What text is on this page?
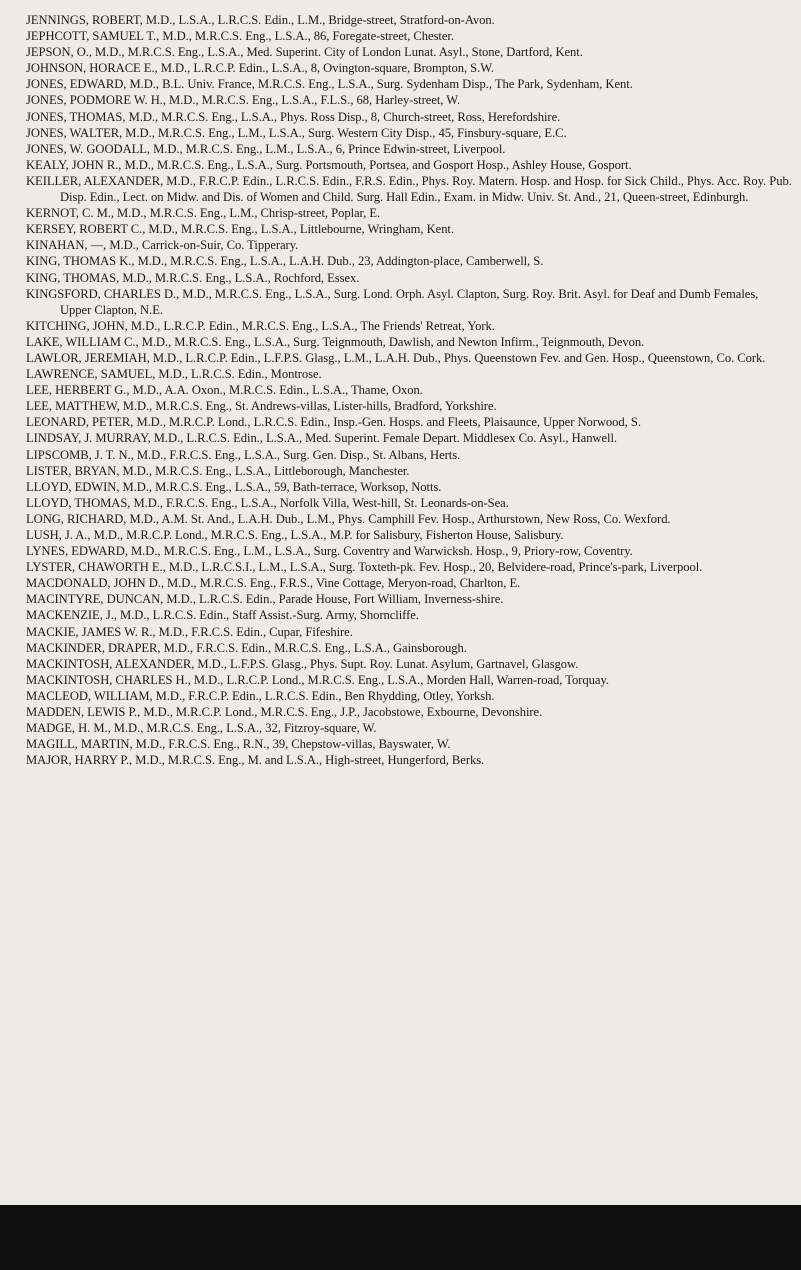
JENNINGS, ROBERT, M.D., L.S.A., L.R.C.S. Edin., L.M., Bridge-street, Stratford-on-Avon.

JEPHCOTT, SAMUEL T., M.D., M.R.C.S. Eng., L.S.A., 86, Foregate-street, Chester.

JEPSON, O., M.D., M.R.C.S. Eng., L.S.A., Med. Superint. City of London Lunat. Asyl., Stone, Dartford, Kent.

JOHNSON, HORACE E., M.D., L.R.C.P. Edin., L.S.A., 8, Ovington-square, Brompton, S.W.

JONES, EDWARD, M.D., B.L. Univ. France, M.R.C.S. Eng., L.S.A., Surg. Sydenham Disp., The Park, Sydenham, Kent.

JONES, PODMORE W. H., M.D., M.R.C.S. Eng., L.S.A., F.L.S., 68, Harley-street, W.

JONES, THOMAS, M.D., M.R.C.S. Eng., L.S.A., Phys. Ross Disp., 8, Church-street, Ross, Herefordshire.

JONES, WALTER, M.D., M.R.C.S. Eng., L.M., L.S.A., Surg. Western City Disp., 45, Finsbury-square, E.C.

JONES, W. GOODALL, M.D., M.R.C.S. Eng., L.M., L.S.A., 6, Prince Edwin-street, Liverpool.

KEALY, JOHN R., M.D., M.R.C.S. Eng., L.S.A., Surg. Portsmouth, Portsea, and Gosport Hosp., Ashley House, Gosport.

KEILLER, ALEXANDER, M.D., F.R.C.P. Edin., L.R.C.S. Edin., F.R.S. Edin., Phys. Roy. Matern. Hosp. and Hosp. for Sick Child., Phys. Acc. Roy. Pub. Disp. Edin., Lect. on Midw. and Dis. of Women and Child. Surg. Hall Edin., Exam. in Midw. Univ. St. And., 21, Queen-street, Edinburgh.

KERNOT, C. M., M.D., M.R.C.S. Eng., L.M., Chrisp-street, Poplar, E.

KERSEY, ROBERT C., M.D., M.R.C.S. Eng., L.S.A., Littlebourne, Wringham, Kent.

KINAHAN, —, M.D., Carrick-on-Suir, Co. Tipperary.

KING, THOMAS K., M.D., M.R.C.S. Eng., L.S.A., L.A.H. Dub., 23, Addington-place, Camberwell, S.

KING, THOMAS, M.D., M.R.C.S. Eng., L.S.A., Rochford, Essex.

KINGSFORD, CHARLES D., M.D., M.R.C.S. Eng., L.S.A., Surg. Lond. Orph. Asyl. Clapton, Surg. Roy. Brit. Asyl. for Deaf and Dumb Females, Upper Clapton, N.E.

KITCHING, JOHN, M.D., L.R.C.P. Edin., M.R.C.S. Eng., L.S.A., The Friends' Retreat, York.

LAKE, WILLIAM C., M.D., M.R.C.S. Eng., L.S.A., Surg. Teignmouth, Dawlish, and Newton Infirm., Teignmouth, Devon.

LAWLOR, JEREMIAH, M.D., L.R.C.P. Edin., L.F.P.S. Glasg., L.M., L.A.H. Dub., Phys. Queenstown Fev. and Gen. Hosp., Queenstown, Co. Cork.

LAWRENCE, SAMUEL, M.D., L.R.C.S. Edin., Montrose.

LEE, HERBERT G., M.D., A.A. Oxon., M.R.C.S. Edin., L.S.A., Thame, Oxon.

LEE, MATTHEW, M.D., M.R.C.S. Eng., St. Andrews-villas, Lister-hills, Bradford, Yorkshire.

LEONARD, PETER, M.D., M.R.C.P. Lond., L.R.C.S. Edin., Insp.-Gen. Hosps. and Fleets, Plaisaunce, Upper Norwood, S.

LINDSAY, J. MURRAY, M.D., L.R.C.S. Edin., L.S.A., Med. Superint. Female Depart. Middlesex Co. Asyl., Hanwell.

LIPSCOMB, J. T. N., M.D., F.R.C.S. Eng., L.S.A., Surg. Gen. Disp., St. Albans, Herts.

LISTER, BRYAN, M.D., M.R.C.S. Eng., L.S.A., Littleborough, Manchester.

LLOYD, EDWIN, M.D., M.R.C.S. Eng., L.S.A., 59, Bath-terrace, Worksop, Notts.

LLOYD, THOMAS, M.D., F.R.C.S. Eng., L.S.A., Norfolk Villa, West-hill, St. Leonards-on-Sea.

LONG, RICHARD, M.D., A.M. St. And., L.A.H. Dub., L.M., Phys. Camphill Fev. Hosp., Arthurstown, New Ross, Co. Wexford.

LUSH, J. A., M.D., M.R.C.P. Lond., M.R.C.S. Eng., L.S.A., M.P. for Salisbury, Fisherton House, Salisbury.

LYNES, EDWARD, M.D., M.R.C.S. Eng., L.M., L.S.A., Surg. Coventry and Warwicksh. Hosp., 9, Priory-row, Coventry.

LYSTER, CHAWORTH E., M.D., L.R.C.S.I., L.M., L.S.A., Surg. Toxteth-pk. Fev. Hosp., 20, Belvidere-road, Prince's-park, Liverpool.

MACDONALD, JOHN D., M.D., M.R.C.S. Eng., F.R.S., Vine Cottage, Meryon-road, Charlton, E.

MACINTYRE, DUNCAN, M.D., L.R.C.S. Edin., Parade House, Fort William, Inverness-shire.

MACKENZIE, J., M.D., L.R.C.S. Edin., Staff Assist.-Surg. Army, Shorncliffe.

MACKIE, JAMES W. R., M.D., F.R.C.S. Edin., Cupar, Fifeshire.

MACKINDER, DRAPER, M.D., F.R.C.S. Edin., M.R.C.S. Eng., L.S.A., Gainsborough.

MACKINTOSH, ALEXANDER, M.D., L.F.P.S. Glasg., Phys. Supt. Roy. Lunat. Asylum, Gartnavel, Glasgow.

MACKINTOSH, CHARLES H., M.D., L.R.C.P. Lond., M.R.C.S. Eng., L.S.A., Morden Hall, Warren-road, Torquay.

MACLEOD, WILLIAM, M.D., F.R.C.P. Edin., L.R.C.S. Edin., Ben Rhydding, Otley, Yorksh.

MADDEN, LEWIS P., M.D., M.R.C.P. Lond., M.R.C.S. Eng., J.P., Jacobstowe, Exbourne, Devonshire.

MADGE, H. M., M.D., M.R.C.S. Eng., L.S.A., 32, Fitzroy-square, W.

MAGILL, MARTIN, M.D., F.R.C.S. Eng., R.N., 39, Chepstow-villas, Bayswater, W.

MAJOR, HARRY P., M.D., M.R.C.S. Eng., M. and L.S.A., High-street, Hungerford, Berks.
